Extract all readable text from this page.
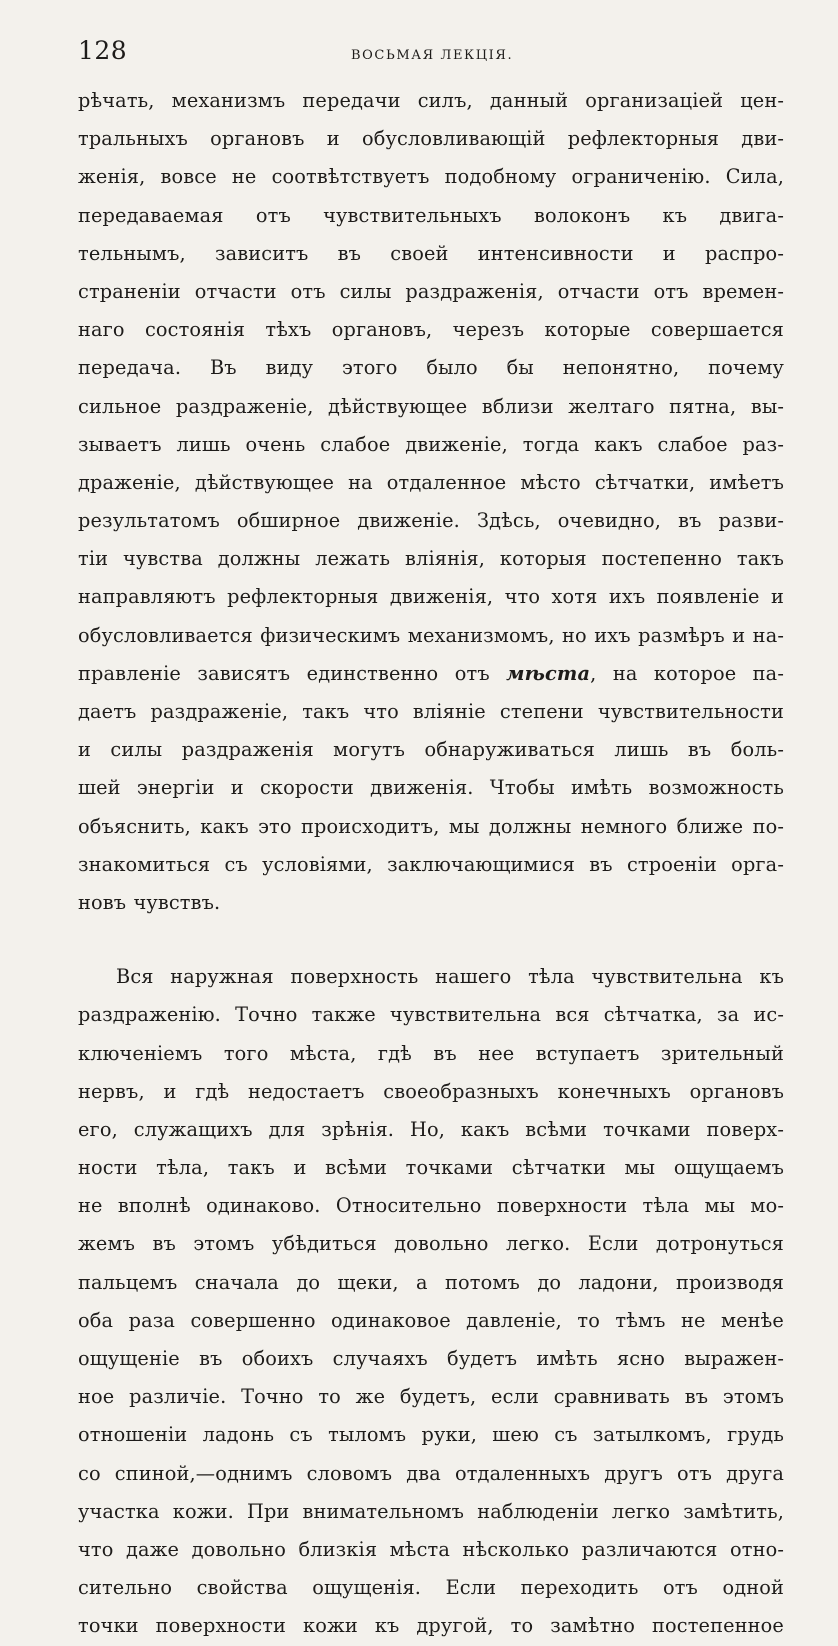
128	ВОСЬМАЯ ЛЕКЦІЯ.
рѣчать, механизмъ передачи силъ, данный организаціей цен-
тральныхъ органовъ и обусловливающій рефлекторныя дви-
женія, вовсе не соотвѣтствуетъ подобному ограниченію. Сила,
передаваемая отъ чувствительныхъ волоконъ къ двига-
тельнымъ, зависитъ въ своей интенсивности и распро-
страненіи отчасти отъ силы раздраженія, отчасти отъ времен-
наго состоянія тѣхъ органовъ, черезъ которые совершается
передача. Въ виду этого было бы непонятно, почему
сильное раздраженіе, дѣйствующее вблизи желтаго пятна, вы-
зываетъ лишь очень слабое движеніе, тогда какъ слабое раз-
драженіе, дѣйствующее на отдаленное мѣсто сѣтчатки, имѣетъ
результатомъ обширное движеніе. Здѣсь, очевидно, въ разви-
тіи чувства должны лежать вліянія, которыя постепенно такъ
направляютъ рефлекторныя движенія, что хотя ихъ появленіе и
обусловливается физическимъ механизмомъ, но ихъ размѣръ и на-
правленіе зависятъ единственно отъ мѣста, на которое па-
даетъ раздраженіе, такъ что вліяніе степени чувствительности
и силы раздраженія могутъ обнаруживаться лишь въ боль-
шей энергіи и скорости движенія. Чтобы имѣть возможность
объяснить, какъ это происходитъ, мы должны немного ближе по-
знакомиться съ условіями, заключающимися въ строеніи орга-
новъ чувствъ.
Вся наружная поверхность нашего тѣла чувствительна къ
раздраженію. Точно также чувствительна вся сѣтчатка, за ис-
ключеніемъ того мѣста, гдѣ въ нее вступаетъ зрительный
нервъ, и гдѣ недостаетъ своеобразныхъ конечныхъ органовъ
его, служащихъ для зрѣнія. Но, какъ всѣми точками поверх-
ности тѣла, такъ и всѣми точками сѣтчатки мы ощущаемъ
не вполнѣ одинаково. Относительно поверхности тѣла мы мо-
жемъ въ этомъ убѣдиться довольно легко. Если дотронуться
пальцемъ сначала до щеки, а потомъ до ладони, производя
оба раза совершенно одинаковое давленіе, то тѣмъ не менѣе
ощущеніе въ обоихъ случаяхъ будетъ имѣть ясно выражен-
ное различіе. Точно то же будетъ, если сравнивать въ этомъ
отношеніи ладонь съ тыломъ руки, шею съ затылкомъ, грудь
со спиной,—однимъ словомъ два отдаленныхъ другъ отъ друга
участка кожи. При внимательномъ наблюденіи легко замѣтить,
что даже довольно близкія мѣста нѣсколько различаются отно-
сительно свойства ощущенія. Если переходить отъ одной
точки поверхности кожи къ другой, то замѣтно постепенное
